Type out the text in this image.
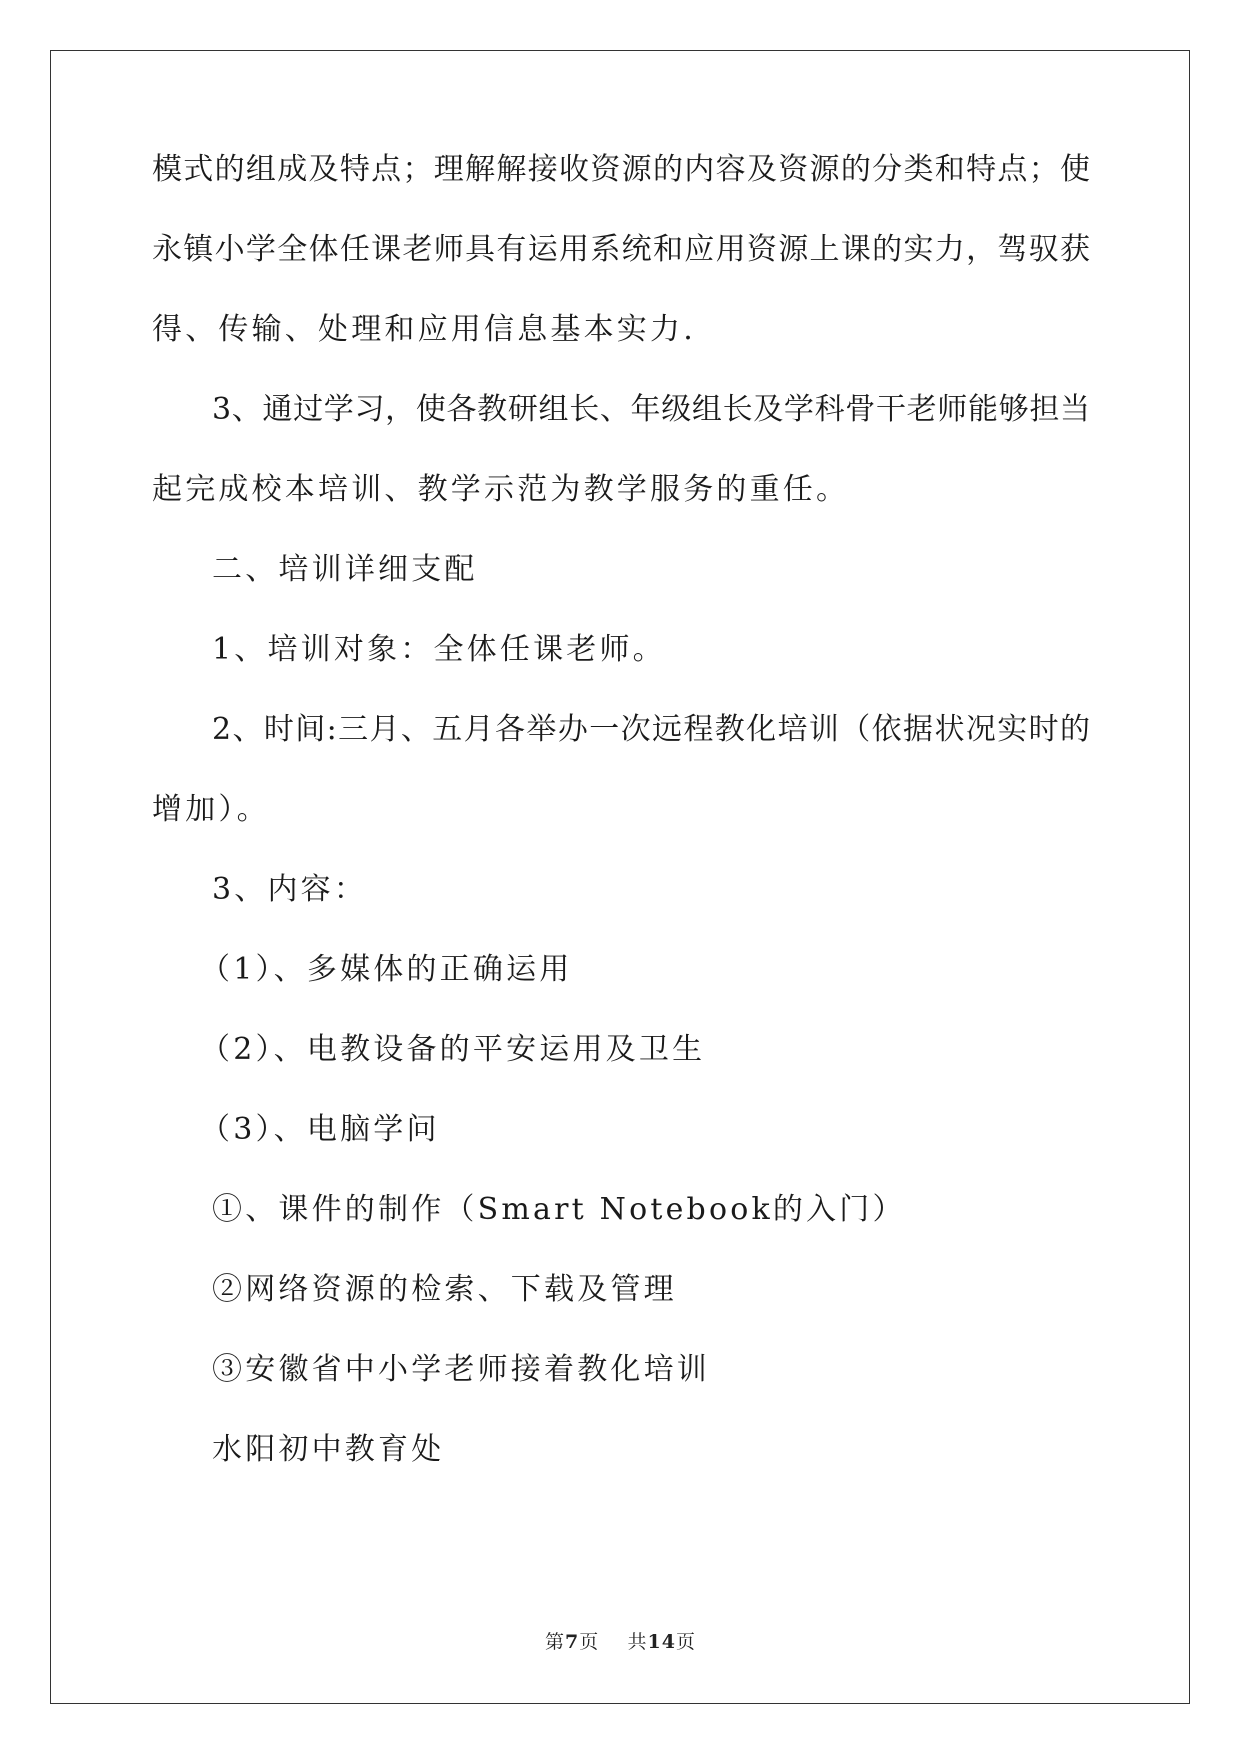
模式的组成及特点；理解解接收资源的内容及资源的分类和特点；使
永镇小学全体任课老师具有运用系统和应用资源上课的实力，驾驭获
得、传输、处理和应用信息基本实力.
3、通过学习，使各教研组长、年级组长及学科骨干老师能够担当
起完成校本培训、教学示范为教学服务的重任。
二、培训详细支配
1、培训对象：全体任课老师。
2、时间:三月、五月各举办一次远程教化培训（依据状况实时的
增加）。
3、内容：
（1）、多媒体的正确运用
（2）、电教设备的平安运用及卫生
（3）、电脑学问
①、课件的制作（Smart Notebook的入门）
②网络资源的检索、下载及管理
③安徽省中小学老师接着教化培训
水阳初中教育处
第7页 共14页
